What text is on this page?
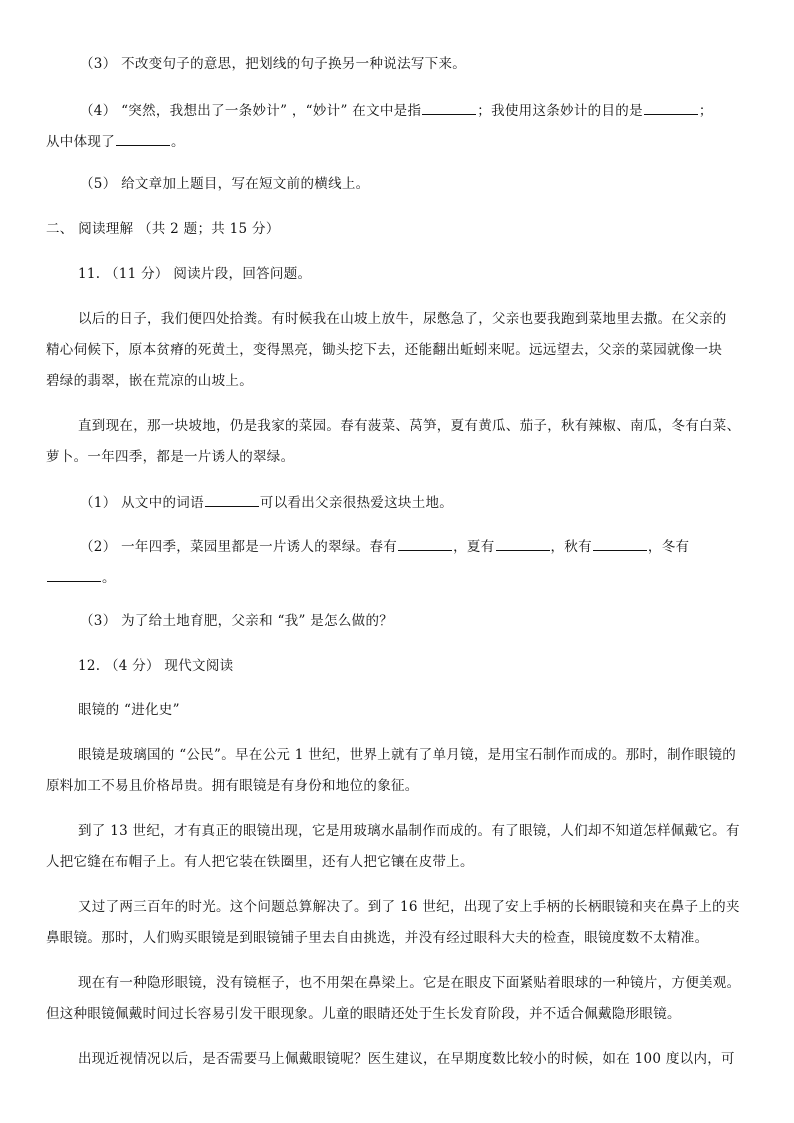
（3） 不改变句子的意思，把划线的句子换另一种说法写下来。
（4） “突然，我想出了一条妙计” ，“妙计” 在文中是指	；我使用这条妙计的目的是	；
从中体现了	。
（5） 给文章加上题目，写在短文前的横线上。
二、 阅读理解 （共 2 题；共 15 分）
11. （11 分） 阅读片段，回答问题。
以后的日子，我们便四处拾粪。有时候我在山坡上放牛，尿憋急了，父亲也要我跑到菜地里去撒。在父亲的
精心伺候下，原本贫瘠的死黄土，变得黑亮，锄头挖下去，还能翻出蚯蚓来呢。远远望去，父亲的菜园就像一块
碧绿的翡翠，嵌在荒凉的山坡上。
直到现在，那一块坡地，仍是我家的菜园。春有菠菜、莴笋，夏有黄瓜、茄子，秋有辣椒、南瓜，冬有白菜、
萝卜。一年四季，都是一片诱人的翠绿。
（1） 从文中的词语	可以看出父亲很热爱这块土地。
（2） 一年四季，菜园里都是一片诱人的翠绿。春有	，夏有	，秋有	，冬有
。
（3） 为了给土地育肥，父亲和 “我” 是怎么做的？
12. （4 分） 现代文阅读
眼镜的 “进化史”
眼镜是玻璃国的 “公民”。早在公元 1 世纪，世界上就有了单月镜，是用宝石制作而成的。那时，制作眼镜的
原料加工不易且价格昂贵。拥有眼镜是有身份和地位的象征。
到了 13 世纪，才有真正的眼镜出现，它是用玻璃水晶制作而成的。有了眼镜，人们却不知道怎样佩戴它。有
人把它缝在布帽子上。有人把它装在铁圈里，还有人把它镶在皮带上。
又过了两三百年的时光。这个问题总算解决了。到了 16 世纪，出现了安上手柄的长柄眼镜和夹在鼻子上的夹
鼻眼镜。那时，人们购买眼镜是到眼镜铺子里去自由挑选，并没有经过眼科大夫的检查，眼镜度数不太精准。
现在有一种隐形眼镜，没有镜框子，也不用架在鼻梁上。它是在眼皮下面紧贴着眼球的一种镜片，方便美观。
但这种眼镜佩戴时间过长容易引发干眼现象。儿童的眼睛还处于生长发育阶段，并不适合佩戴隐形眼镜。
出现近视情况以后，是否需要马上佩戴眼镜呢？医生建议，在早期度数比较小的时候，如在 100 度以内，可
